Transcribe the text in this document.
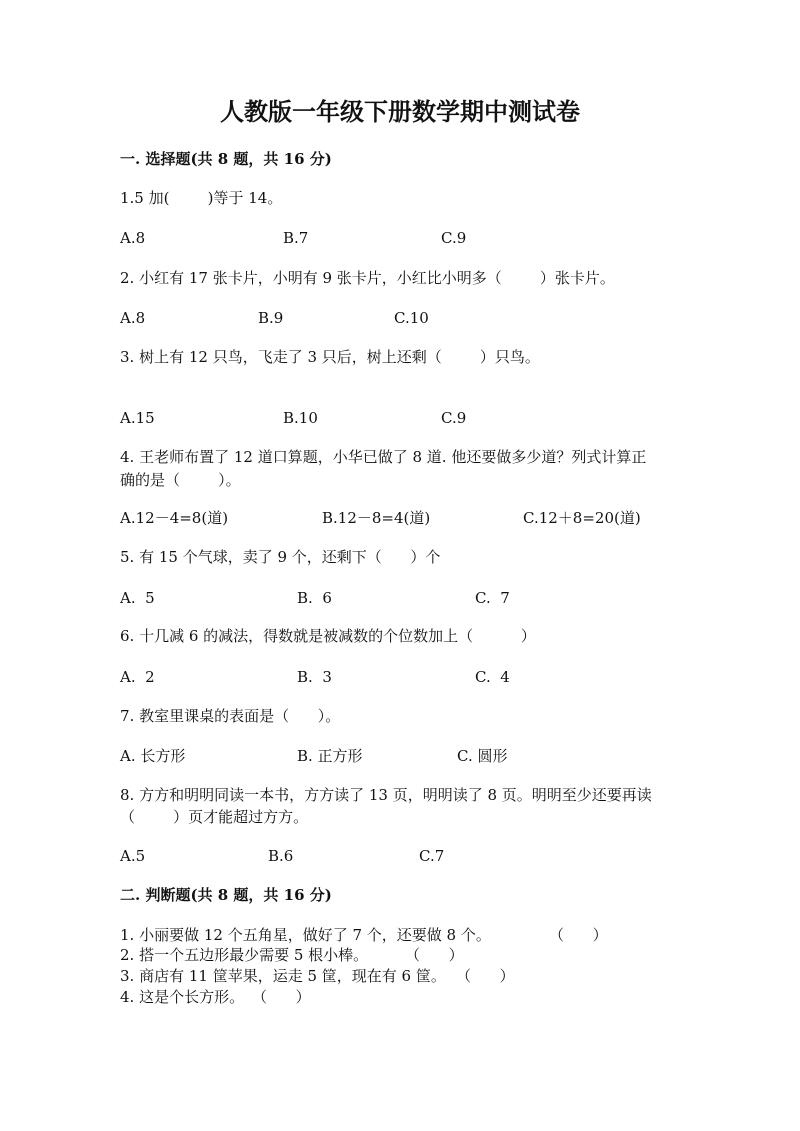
人教版一年级下册数学期中测试卷
一. 选择题(共 8 题，共 16 分)
1.5 加(        )等于 14。
A.8	B.7	C.9
2. 小红有 17 张卡片，小明有 9 张卡片，小红比小明多（        ）张卡片。
A.8	B.9	C.10
3. 树上有 12 只鸟，飞走了 3 只后，树上还剩（        ）只鸟。
A.15	B.10	C.9
4. 王老师布置了 12 道口算题，小华已做了 8 道. 他还要做多少道？列式计算正
确的是（        ）。
A.12－4=8(道)	B.12－8=4(道)	C.12＋8=20(道)
5. 有 15 个气球，卖了 9 个，还剩下（      ）个
A.  5	B.  6	C.  7
6. 十几减 6 的减法，得数就是被减数的个位数加上（          ）
A.  2	B.  3	C.  4
7. 教室里课桌的表面是（      ）。
A. 长方形	B. 正方形	C. 圆形
8. 方方和明明同读一本书，方方读了 13 页，明明读了 8 页。明明至少还要再读
（        ）页才能超过方方。
A.5	B.6	C.7
二. 判断题(共 8 题，共 16 分)
1. 小丽要做 12 个五角星，做好了 7 个，还要做 8 个。	（      ）
2. 搭一个五边形最少需要 5 根小棒。 （      ）
3. 商店有 11 筐苹果，运走 5 筐，现在有 6 筐。 （      ）
4. 这是个长方形。 （      ）
